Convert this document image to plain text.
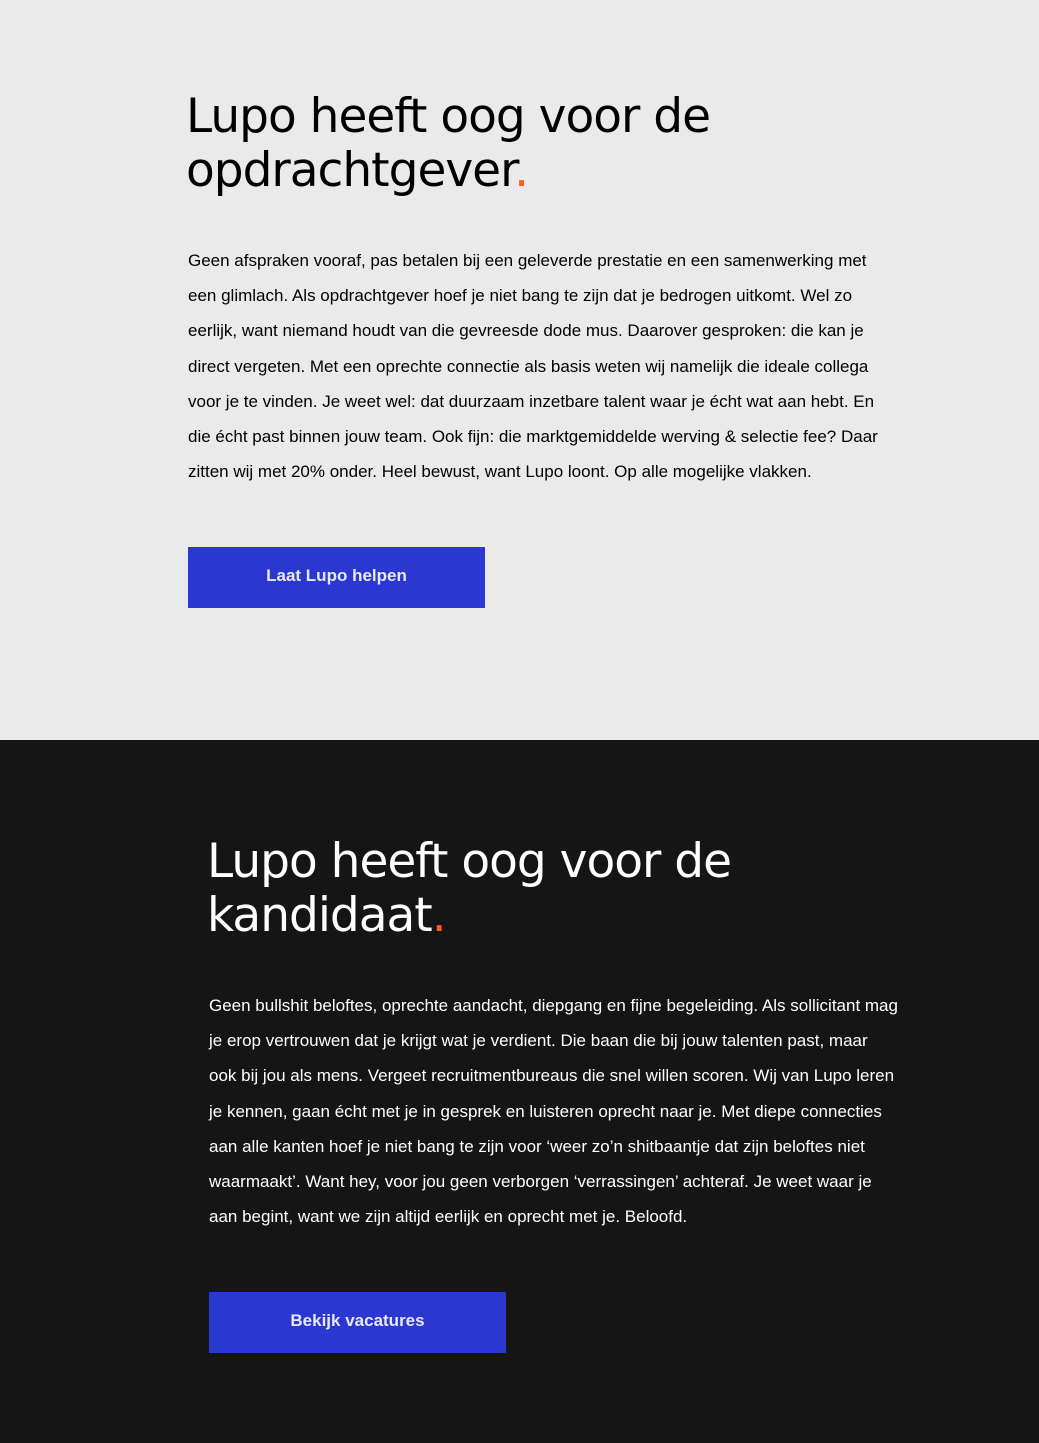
Lupo heeft oog voor de
opdrachtgever.

Geen afspraken vooraf, pas betalen bij een geleverde prestatie en een samenwerking met een glimlach. Als opdrachtgever hoef je niet bang te zijn dat je bedrogen uitkomt. Wel zo eerlijk, want niemand houdt van die gevreesde dode mus. Daarover gesproken: die kan je direct vergeten. Met een oprechte connectie als basis weten wij namelijk die ideale collega voor je te vinden. Je weet wel: dat duurzaam inzetbare talent waar je écht wat aan hebt. En die écht past binnen jouw team. Ook fijn: die marktgemiddelde werving & selectie fee? Daar zitten wij met 20% onder. Heel bewust, want Lupo loont. Op alle mogelijke vlakken.

Laat Lupo helpen
Lupo heeft oog voor de
kandidaat.

Geen bullshit beloftes, oprechte aandacht, diepgang en fijne begeleiding. Als sollicitant mag je erop vertrouwen dat je krijgt wat je verdient. Die baan die bij jouw talenten past, maar ook bij jou als mens. Vergeet recruitmentbureaus die snel willen scoren. Wij van Lupo leren je kennen, gaan écht met je in gesprek en luisteren oprecht naar je. Met diepe connecties aan alle kanten hoef je niet bang te zijn voor ‘weer zo’n shitbaantje dat zijn beloftes niet waarmaakt’. Want hey, voor jou geen verborgen ‘verrassingen’ achteraf. Je weet waar je aan begint, want we zijn altijd eerlijk en oprecht met je. Beloofd.

Bekijk vacatures
